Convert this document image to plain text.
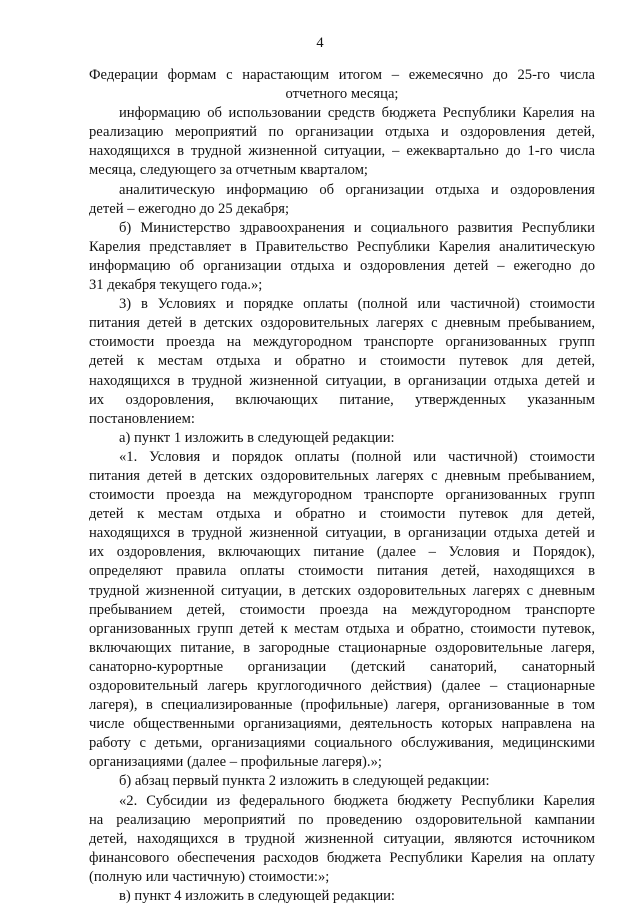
4
Федерации формам с нарастающим итогом – ежемесячно до 25-го числа
отчетного месяца;
информацию об использовании средств бюджета Республики Карелия на
реализацию мероприятий по организации отдыха и оздоровления детей,
находящихся в трудной жизненной ситуации, – ежеквартально до 1-го числа
месяца, следующего за отчетным кварталом;
аналитическую информацию об организации отдыха и оздоровления
детей – ежегодно до 25 декабря;
б) Министерство здравоохранения и социального развития Республики
Карелия представляет в Правительство Республики Карелия аналитическую
информацию об организации отдыха и оздоровления детей – ежегодно до
31 декабря текущего года.»;
3) в Условиях и порядке оплаты (полной или частичной) стоимости
питания детей в детских оздоровительных лагерях с дневным пребыванием,
стоимости проезда на междугородном транспорте организованных групп
детей к местам отдыха и обратно и стоимости путевок для детей,
находящихся в трудной жизненной ситуации, в организации отдыха детей и
их оздоровления, включающих питание, утвержденных указанным
постановлением:
а) пункт 1 изложить в следующей редакции:
«1. Условия и порядок оплаты (полной или частичной) стоимости
питания детей в детских оздоровительных лагерях с дневным пребыванием,
стоимости проезда на междугородном транспорте организованных групп
детей к местам отдыха и обратно и стоимости путевок для детей,
находящихся в трудной жизненной ситуации, в организации отдыха детей и
их оздоровления, включающих питание (далее – Условия и Порядок),
определяют правила оплаты стоимости питания детей, находящихся в
трудной жизненной ситуации, в детских оздоровительных лагерях с дневным
пребыванием детей, стоимости проезда на междугородном транспорте
организованных групп детей к местам отдыха и обратно, стоимости путевок,
включающих питание, в загородные стационарные оздоровительные лагеря,
санаторно-курортные организации (детский санаторий, санаторный
оздоровительный лагерь круглогодичного действия) (далее – стационарные
лагеря), в специализированные (профильные) лагеря, организованные в том
числе общественными организациями, деятельность которых направлена на
работу с детьми, организациями социального обслуживания, медицинскими
организациями (далее – профильные лагеря).»;
б) абзац первый пункта 2 изложить в следующей редакции:
«2. Субсидии из федерального бюджета бюджету Республики Карелия
на реализацию мероприятий по проведению оздоровительной кампании
детей, находящихся в трудной жизненной ситуации, являются источником
финансового обеспечения расходов бюджета Республики Карелия на оплату
(полную или частичную) стоимости:»;
в) пункт 4 изложить в следующей редакции:
